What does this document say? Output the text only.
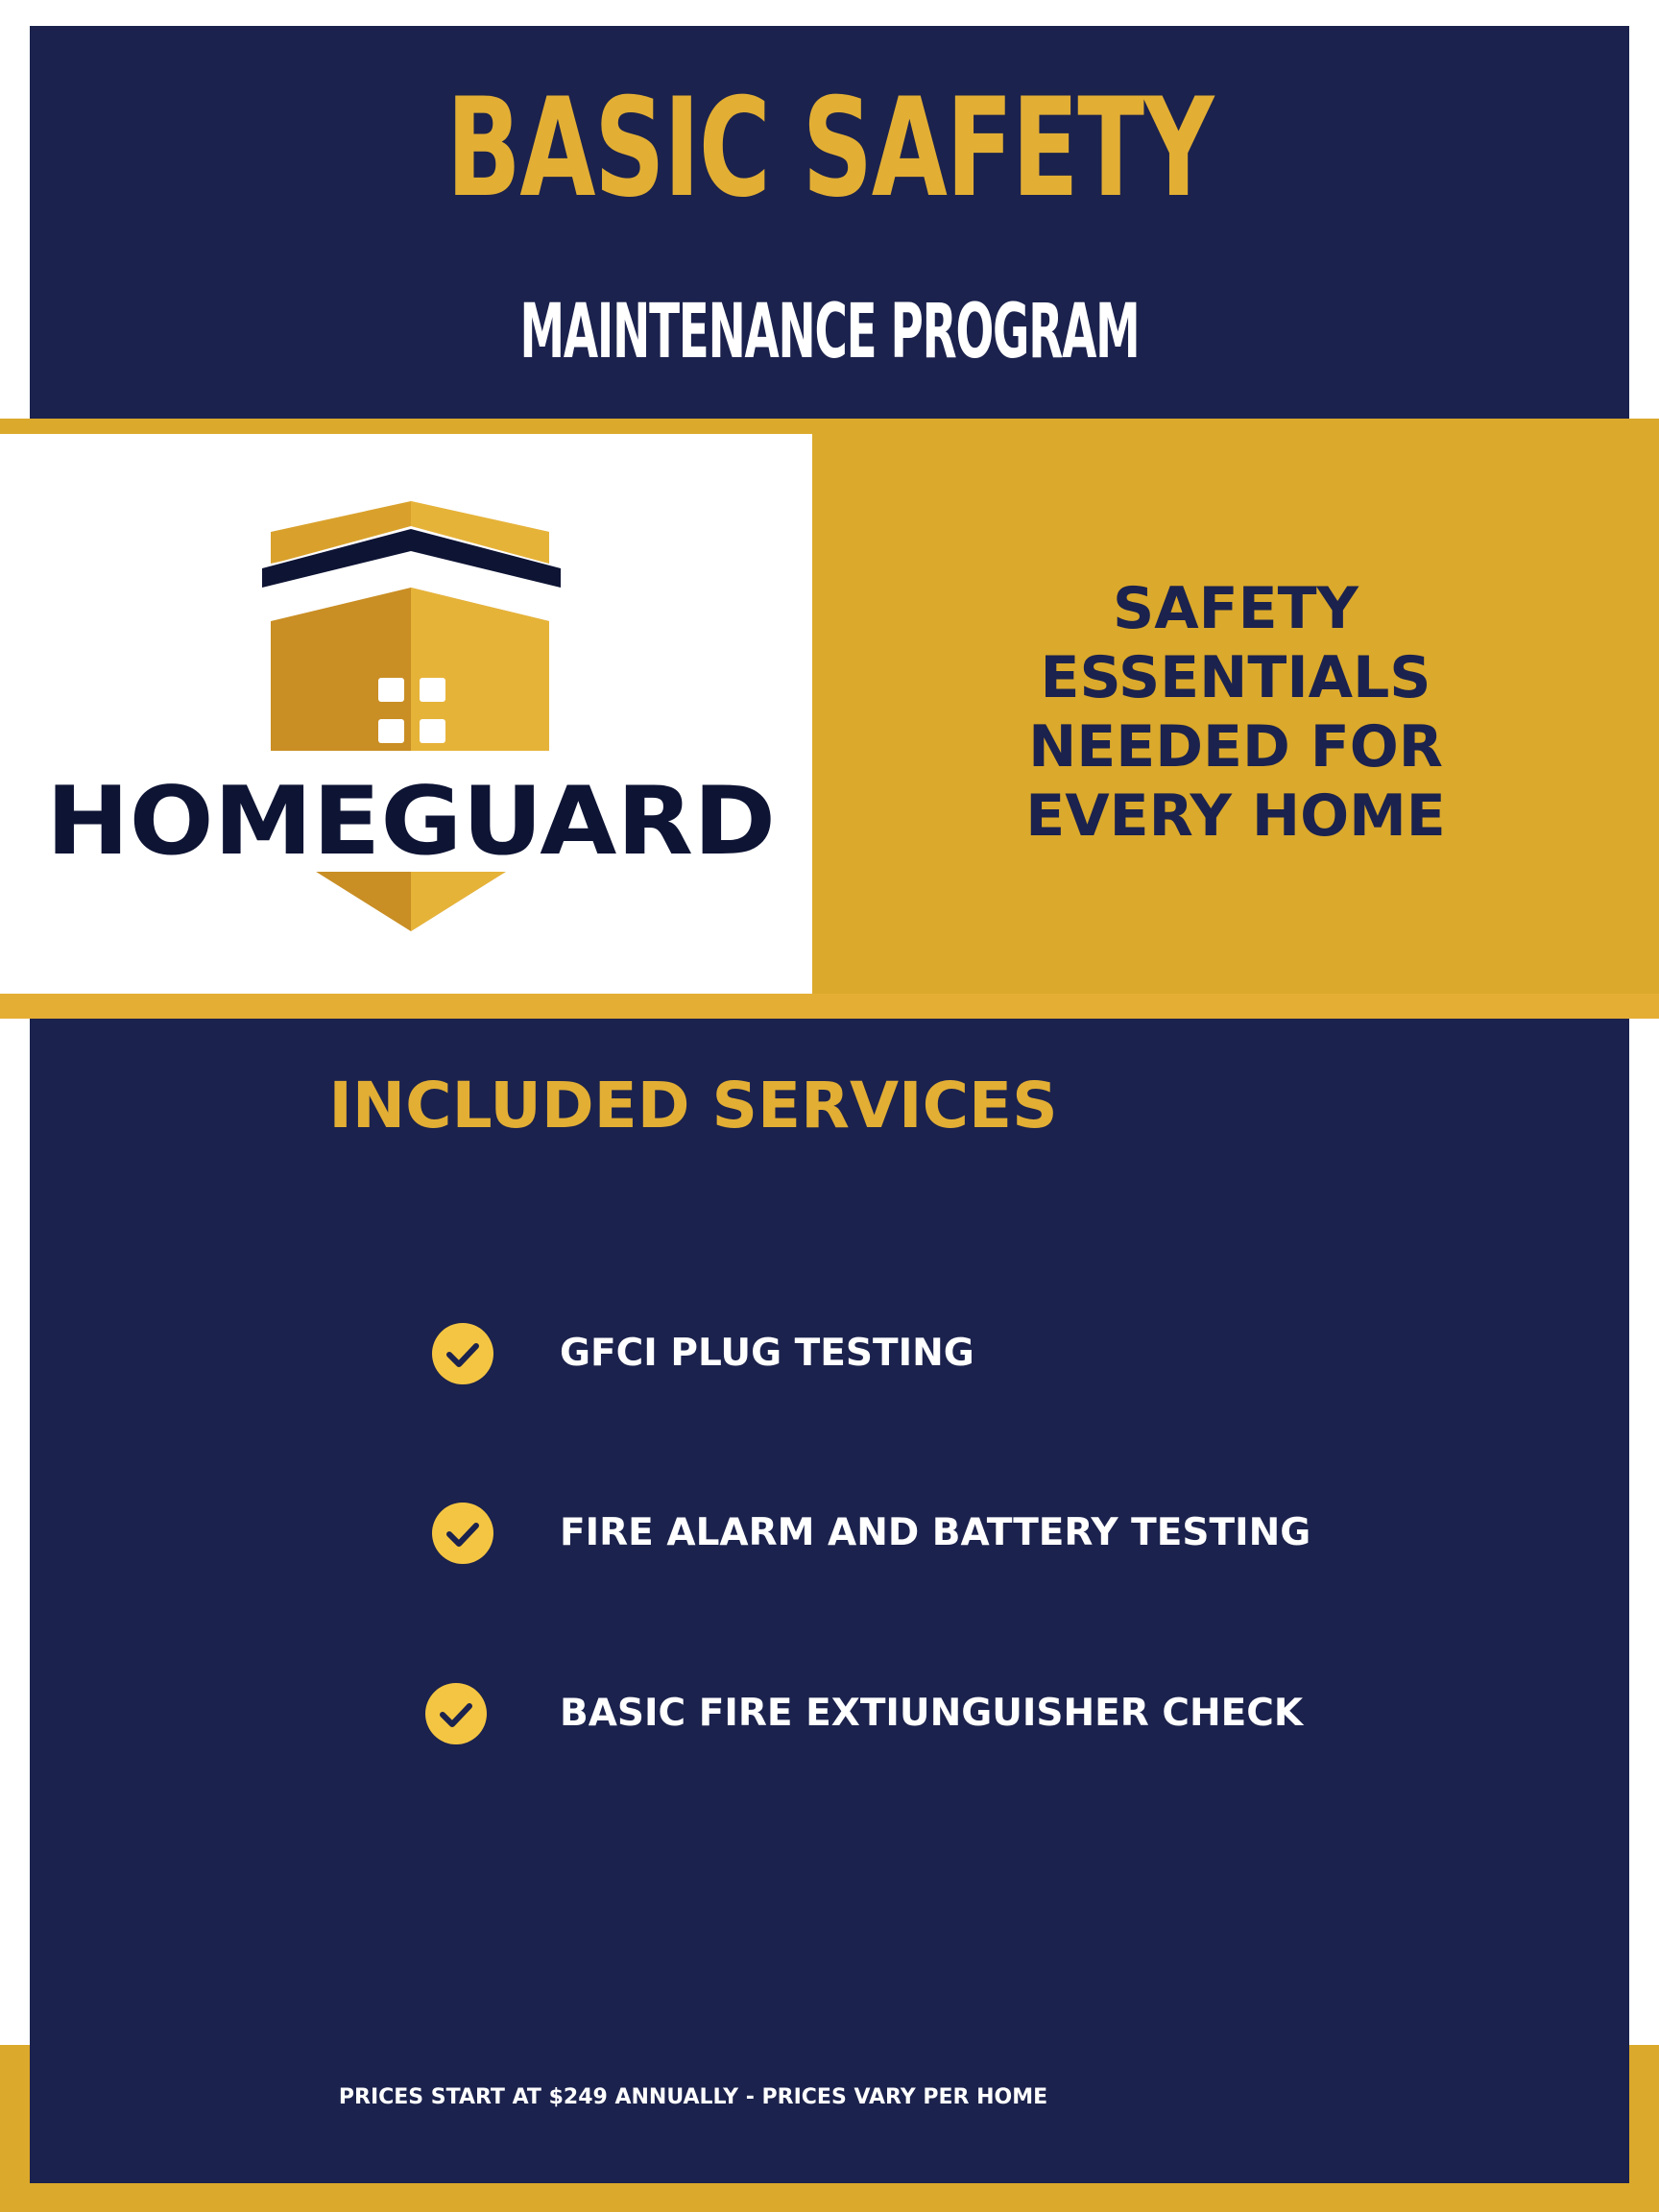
BASIC SAFETY
MAINTENANCE PROGRAM
HOMEGUARD
SAFETY
ESSENTIALS
NEEDED FOR
EVERY HOME
INCLUDED SERVICES
GFCI PLUG TESTING
FIRE ALARM AND BATTERY TESTING
BASIC FIRE EXTIUNGUISHER CHECK
PRICES START AT $249 ANNUALLY - PRICES VARY PER HOME
